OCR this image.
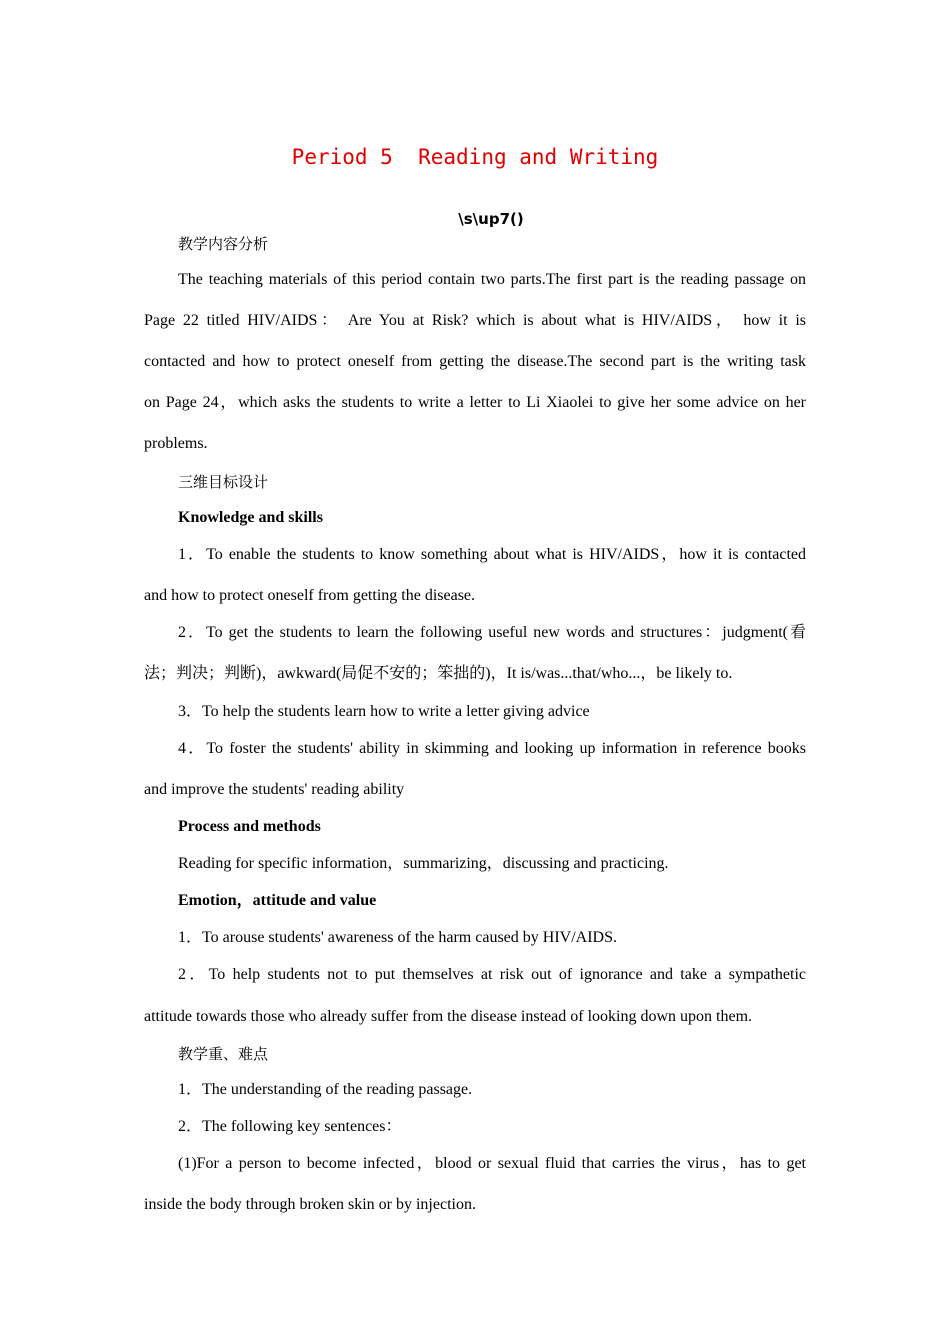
Period 5  Reading and Writing
\s\up7()
教学内容分析
The teaching materials of this period contain two parts.The first part is the reading passage on
Page 22 titled HIV/AIDS： Are You at Risk? which is about what is HIV/AIDS， how it is
contacted and how to protect oneself from getting the disease.The second part is the writing task
on Page 24，which asks the students to write a letter to Li Xiaolei to give her some advice on her
problems.
三维目标设计
Knowledge and skills
1．To enable the students to know something about what is HIV/AIDS，how it is contacted
and how to protect oneself from getting the disease.
2．To get the students to learn the following useful new words and structures：judgment(看
法；判决；判断)，awkward(局促不安的；笨拙的)，It is/was...that/who...，be likely to.
3．To help the students learn how to write a letter giving advice
4．To foster the students' ability in skimming and looking up information in reference books
and improve the students' reading ability
Process and methods
Reading for specific information，summarizing，discussing and practicing.
Emotion，attitude and value
1．To arouse students' awareness of the harm caused by HIV/AIDS.
2．To help students not to put themselves at risk out of ignorance and take a sympathetic
attitude towards those who already suffer from the disease instead of looking down upon them.
教学重、难点
1．The understanding of the reading passage.
2．The following key sentences：
(1)For a person to become infected，blood or sexual fluid that carries the virus，has to get
inside the body through broken skin or by injection.
